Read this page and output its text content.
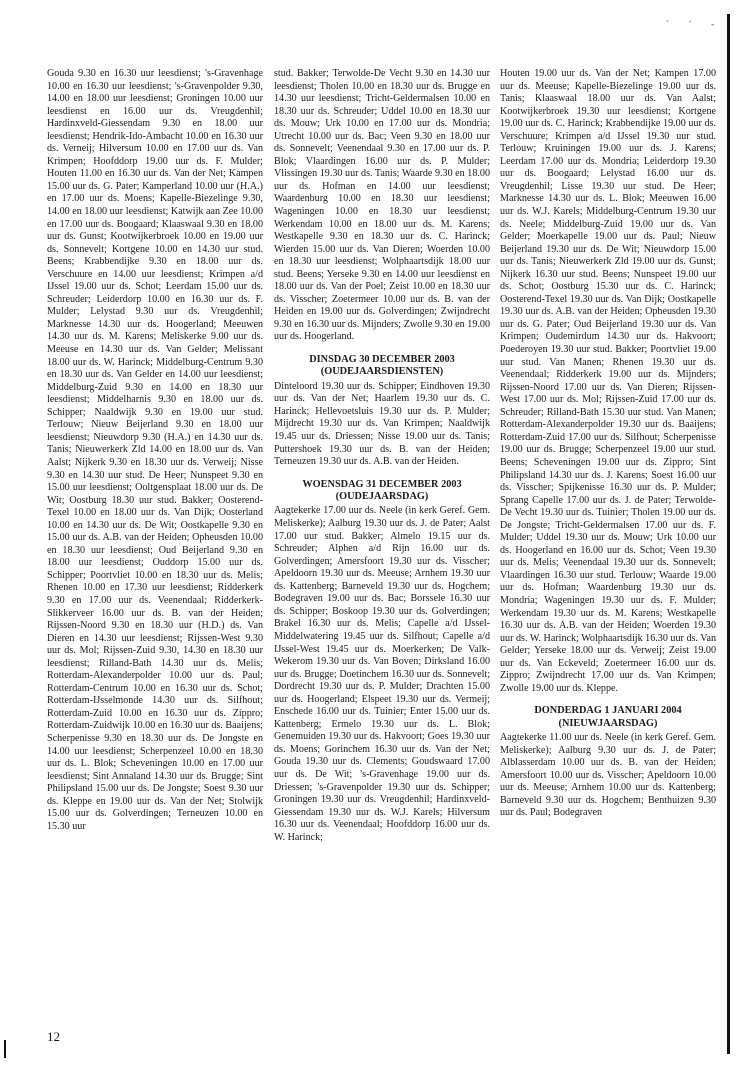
` ' -

Gouda 9.30 en 16.30 uur leesdienst; 's-Gravenhage 10.00 en 16.30 uur leesdienst; 's-Gravenpolder 9.30, 14.00 en 18.00 uur leesdienst; Groningen 10.00 uur leesdienst en 16.00 uur ds. Vreugdenhil; Hardinxveld-Giessendam 9.30 en 18.00 uur leesdienst; Hendrik-Ido-Ambacht 10.00 en 16.30 uur ds. Verneij; Hilversum 10.00 en 17.00 uur ds. Van Krimpen; Hoofddorp 19.00 uur ds. F. Mulder; Houten 11.00 en 16.30 uur ds. Van der Net; Kampen 15.00 uur ds. G. Pater; Kamperland 10.00 uur (H.A.) en 17.00 uur ds. Moens; Kapelle-Biezelinge 9.30, 14.00 en 18.00 uur leesdienst; Katwijk aan Zee 10.00 en 17.00 uur ds. Boogaard; Klaaswaal 9.30 en 18.00 uur ds. Gunst; Kootwijkerbroek 10.00 en 19.00 uur ds. Sonnevelt; Kortgene 10.00 en 14.30 uur stud. Beens; Krabbendijke 9.30 en 18.00 uur ds. Verschuure en 14.00 uur leesdienst; Krimpen a/d IJssel 19.00 uur ds. Schot; Leerdam 15.00 uur ds. Schreuder; Leiderdorp 10.00 en 16.30 uur ds. F. Mulder; Lelystad 9.30 uur ds. Vreugdenhil; Marknesse 14.30 uur ds. Hoogerland; Meeuwen 14.30 uur ds. M. Karens; Meliskerke 9.00 uur ds. Meeuse en 14.30 uur ds. Van Gelder; Melissant 18.00 uur ds. W. Harinck; Middelburg-Centrum 9.30 en 18.30 uur ds. Van Gelder en 14.00 uur leesdienst; Middelburg-Zuid 9.30 en 14.00 en 18.30 uur leesdienst; Middelharnis 9.30 en 18.00 uur ds. Schipper; Naaldwijk 9.30 en 19.00 uur stud. Terlouw; Nieuw Beijerland 9.30 en 18.00 uur leesdienst; Nieuwdorp 9.30 (H.A.) en 14.30 uur ds. Tanis; Nieuwerkerk Zld 14.00 en 18.00 uur ds. Van Aalst; Nijkerk 9.30 en 18.30 uur ds. Verweij; Nisse 9.30 en 14.30 uur stud. De Heer; Nunspeet 9.30 en 15.00 uur leesdienst; Ooltgensplaat 18.00 uur ds. De Wit; Oostburg 18.30 uur stud. Bakker; Oosterend-Texel 10.00 en 18.00 uur ds. Van Dijk; Oosterland 10.00 en 14.30 uur ds. De Wit; Oostkapelle 9.30 en 15.00 uur ds. A.B. van der Heiden; Opheusden 10.00 en 18.30 uur leesdienst; Oud Beijerland 9.30 en 18.00 uur leesdienst; Ouddorp 15.00 uur ds. Schipper; Poortvliet 10.00 en 18.30 uur ds. Melis; Rhenen 10.00 en 17.30 uur leesdienst; Ridderkerk 9.30 en 17.00 uur ds. Veenendaal; Ridderkerk-Slikkerveer 16.00 uur ds. B. van der Heiden; Rijssen-Noord 9.30 en 18.30 uur (H.D.) ds. Van Dieren en 14.30 uur leesdienst; Rijssen-West 9.30 uur ds. Mol; Rijssen-Zuid 9.30, 14.30 en 18.30 uur leesdienst; Rilland-Bath 14.30 uur ds. Melis; Rotterdam-Alexanderpolder 10.00 uur ds. Paul; Rotterdam-Centrum 10.00 en 16.30 uur ds. Schot; Rotterdam-IJsselmonde 14.30 uur ds. Silfhout; Rotterdam-Zuid 10.00 en 16.30 uur ds. Zippro; Rotterdam-Zuidwijk 10.00 en 16.30 uur ds. Baaijens; Scherpenisse 9.30 en 18.30 uur ds. De Jongste en 14.00 uur leesdienst; Scherpenzeel 10.00 en 18.30 uur ds. L. Blok; Scheveningen 10.00 en 17.00 uur leesdienst; Sint Annaland 14.30 uur ds. Brugge; Sint Philipsland 15.00 uur ds. De Jongste; Soest 9.30 uur ds. Kleppe en 19.00 uur ds. Van der Net; Stolwijk 15.00 uur ds. Golverdingen; Terneuzen 10.00 en 15.30 uur

stud. Bakker; Terwolde-De Vecht 9.30 en 14.30 uur leesdienst; Tholen 10.00 en 18.30 uur ds. Brugge en 14.30 uur leesdienst; Tricht-Geldermalsen 10.00 en 18.30 uur ds. Schreuder; Uddel 10.00 en 18.30 uur ds. Mouw; Urk 10.00 en 17.00 uur ds. Mondria; Utrecht 10.00 uur ds. Bac; Veen 9.30 en 18.00 uur ds. Sonnevelt; Veenendaal 9.30 en 17.00 uur ds. P. Blok; Vlaardingen 16.00 uur ds. P. Mulder; Vlissingen 19.30 uur ds. Tanis; Waarde 9.30 en 18.00 uur ds. Hofman en 14.00 uur leesdienst; Waardenburg 10.00 en 18.30 uur leesdienst; Wageningen 10.00 en 18.30 uur leesdienst; Werkendam 10.00 en 18.00 uur ds. M. Karens; Westkapelle 9.30 en 18.30 uur ds. C. Harinck; Wierden 15.00 uur ds. Van Dieren; Woerden 10.00 en 18.30 uur leesdienst; Wolphaartsdijk 18.00 uur stud. Beens; Yerseke 9.30 en 14.00 uur leesdienst en 18.00 uur ds. Van der Poel; Zeist 10.00 en 18.30 uur ds. Visscher; Zoetermeer 10.00 uur ds. B. van der Heiden en 19.00 uur ds. Golverdingen; Zwijndrecht 9.30 en 16.30 uur ds. Mijnders; Zwolle 9.30 en 19.00 uur ds. Hoogerland.

DINSDAG 30 DECEMBER 2003
(OUDEJAARSDIENSTEN)

Dinteloord 19.30 uur ds. Schipper; Eindhoven 19.30 uur ds. Van der Net; Haarlem 19.30 uur ds. C. Harinck; Hellevoetsluis 19.30 uur ds. P. Mulder; Mijdrecht 19.30 uur ds. Van Krimpen; Naaldwijk 19.45 uur ds. Driessen; Nisse 19.00 uur ds. Tanis; Puttershoek 19.30 uur ds. B. van der Heiden; Terneuzen 19.30 uur ds. A.B. van der Heiden.

WOENSDAG 31 DECEMBER 2003
(OUDEJAARSDAG)

Aagtekerke 17.00 uur ds. Neele (in kerk Geref. Gem. Meliskerke); Aalburg 19.30 uur ds. J. de Pater; Aalst 17.00 uur stud. Bakker; Almelo 19.15 uur ds. Schreuder; Alphen a/d Rijn 16.00 uur ds. Golverdingen; Amersfoort 19.30 uur ds. Visscher; Apeldoorn 19.30 uur ds. Meeuse; Arnhem 19.30 uur ds. Kattenberg; Barneveld 19.30 uur ds. Hogchem; Bodegraven 19.00 uur ds. Bac; Borssele 16.30 uur ds. Schipper; Boskoop 19.30 uur ds. Golverdingen; Brakel 16.30 uur ds. Melis; Capelle a/d IJssel-Middelwatering 19.45 uur ds. Silfhout; Capelle a/d IJssel-West 19.45 uur ds. Moerkerken; De Valk-Wekerom 19.30 uur ds. Van Boven; Dirksland 16.00 uur ds. Brugge; Doetinchem 16.30 uur ds. Sonnevelt; Dordrecht 19.30 uur ds. P. Mulder; Drachten 15.00 uur ds. Hoogerland; Elspeet 19.30 uur ds. Vermeij; Enschede 16.00 uur ds. Tuinier; Enter 15.00 uur ds. Kattenberg; Ermelo 19.30 uur ds. L. Blok; Genemuiden 19.30 uur ds. Hakvoort; Goes 19.30 uur ds. Moens; Gorinchem 16.30 uur ds. Van der Net; Gouda 19.30 uur ds. Clements; Goudswaard 17.00 uur ds. De Wit; 's-Gravenhage 19.00 uur ds. Driessen; 's-Gravenpolder 19.30 uur ds. Schipper; Groningen 19.30 uur ds. Vreugdenhil; Hardinxveld-Giessendam 19.30 uur ds. W.J. Karels; Hilversum 16.30 uur ds. Veenendaal; Hoofddorp 16.00 uur ds. W. Harinck;

Houten 19.00 uur ds. Van der Net; Kampen 17.00 uur ds. Meeuse; Kapelle-Biezelinge 19.00 uur ds. Tanis; Klaaswaal 18.00 uur ds. Van Aalst; Kootwijkerbroek 19.30 uur leesdienst; Kortgene 19.00 uur ds. C. Harinck; Krabbendijke 19.00 uur ds. Verschuure; Krimpen a/d IJssel 19.30 uur stud. Terlouw; Kruiningen 19.00 uur ds. J. Karens; Leerdam 17.00 uur ds. Mondria; Leiderdorp 19.30 uur ds. Boogaard; Lelystad 16.00 uur ds. Vreugdenhil; Lisse 19.30 uur stud. De Heer; Marknesse 14.30 uur ds. L. Blok; Meeuwen 16.00 uur ds. W.J. Karels; Middelburg-Centrum 19.30 uur ds. Neele; Middelburg-Zuid 19.00 uur ds. Van Gelder; Moerkapelle 19.00 uur ds. Paul; Nieuw Beijerland 19.30 uur ds. De Wit; Nieuwdorp 15.00 uur ds. Tanis; Nieuwerkerk Zld 19.00 uur ds. Gunst; Nijkerk 16.30 uur stud. Beens; Nunspeet 19.00 uur ds. Schot; Oostburg 15.30 uur ds. C. Harinck; Oosterend-Texel 19.30 uur ds. Van Dijk; Oostkapelle 19.30 uur ds. A.B. van der Heiden; Opheusden 19.30 uur ds. G. Pater; Oud Beijerland 19.30 uur ds. Van Krimpen; Oudemirdum 14.30 uur ds. Hakvoort; Poederoyen 19.30 uur stud. Bakker; Poortvliet 19.00 uur stud. Van Manen; Rhenen 19.30 uur ds. Veenendaal; Ridderkerk 19.00 uur ds. Mijnders; Rijssen-Noord 17.00 uur ds. Van Dieren; Rijssen-West 17.00 uur ds. Mol; Rijssen-Zuid 17.00 uur ds. Schreuder; Rilland-Bath 15.30 uur stud. Van Manen; Rotterdam-Alexanderpolder 19.30 uur ds. Baaijens; Rotterdam-Zuid 17.00 uur ds. Silfhout; Scherpenisse 19.00 uur ds. Brugge; Scherpenzeel 19.00 uur stud. Beens; Scheveningen 19.00 uur ds. Zippro; Sint Philipsland 14.30 uur ds. J. Karens; Soest 16.00 uur ds. Visscher; Spijkenisse 16.30 uur ds. P. Mulder; Sprang Capelle 17.00 uur ds. J. de Pater; Terwolde-De Vecht 19.30 uur ds. Tuinier; Tholen 19.00 uur ds. De Jongste; Tricht-Geldermalsen 17.00 uur ds. F. Mulder; Uddel 19.30 uur ds. Mouw; Urk 10.00 uur ds. Hoogerland en 16.00 uur ds. Schot; Veen 19.30 uur ds. Melis; Veenendaal 19.30 uur ds. Sonnevelt; Vlaardingen 16.30 uur stud. Terlouw; Waarde 19.00 uur ds. Hofman; Waardenburg 19.30 uur ds. Mondria; Wageningen 19.30 uur ds. F. Mulder; Werkendam 19.30 uur ds. M. Karens; Westkapelle 16.30 uur ds. A.B. van der Heiden; Woerden 19.30 uur ds. W. Harinck; Wolphaartsdijk 16.30 uur ds. Van Gelder; Yerseke 18.00 uur ds. Verweij; Zeist 19.00 uur ds. Van Eckeveld; Zoetermeer 16.00 uur ds. Zippro; Zwijndrecht 17.00 uur ds. Van Krimpen; Zwolle 19.00 uur ds. Kleppe.

DONDERDAG 1 JANUARI 2004
(NIEUWJAARSDAG)

Aagtekerke 11.00 uur ds. Neele (in kerk Geref. Gem. Meliskerke); Aalburg 9.30 uur ds. J. de Pater; Alblasserdam 10.00 uur ds. B. van der Heiden; Amersfoort 10.00 uur ds. Visscher; Apeldoorn 10.00 uur ds. Meeuse; Arnhem 10.00 uur ds. Kattenberg; Barneveld 9.30 uur ds. Hogchem; Benthuizen 9.30 uur ds. Paul; Bodegraven

12
